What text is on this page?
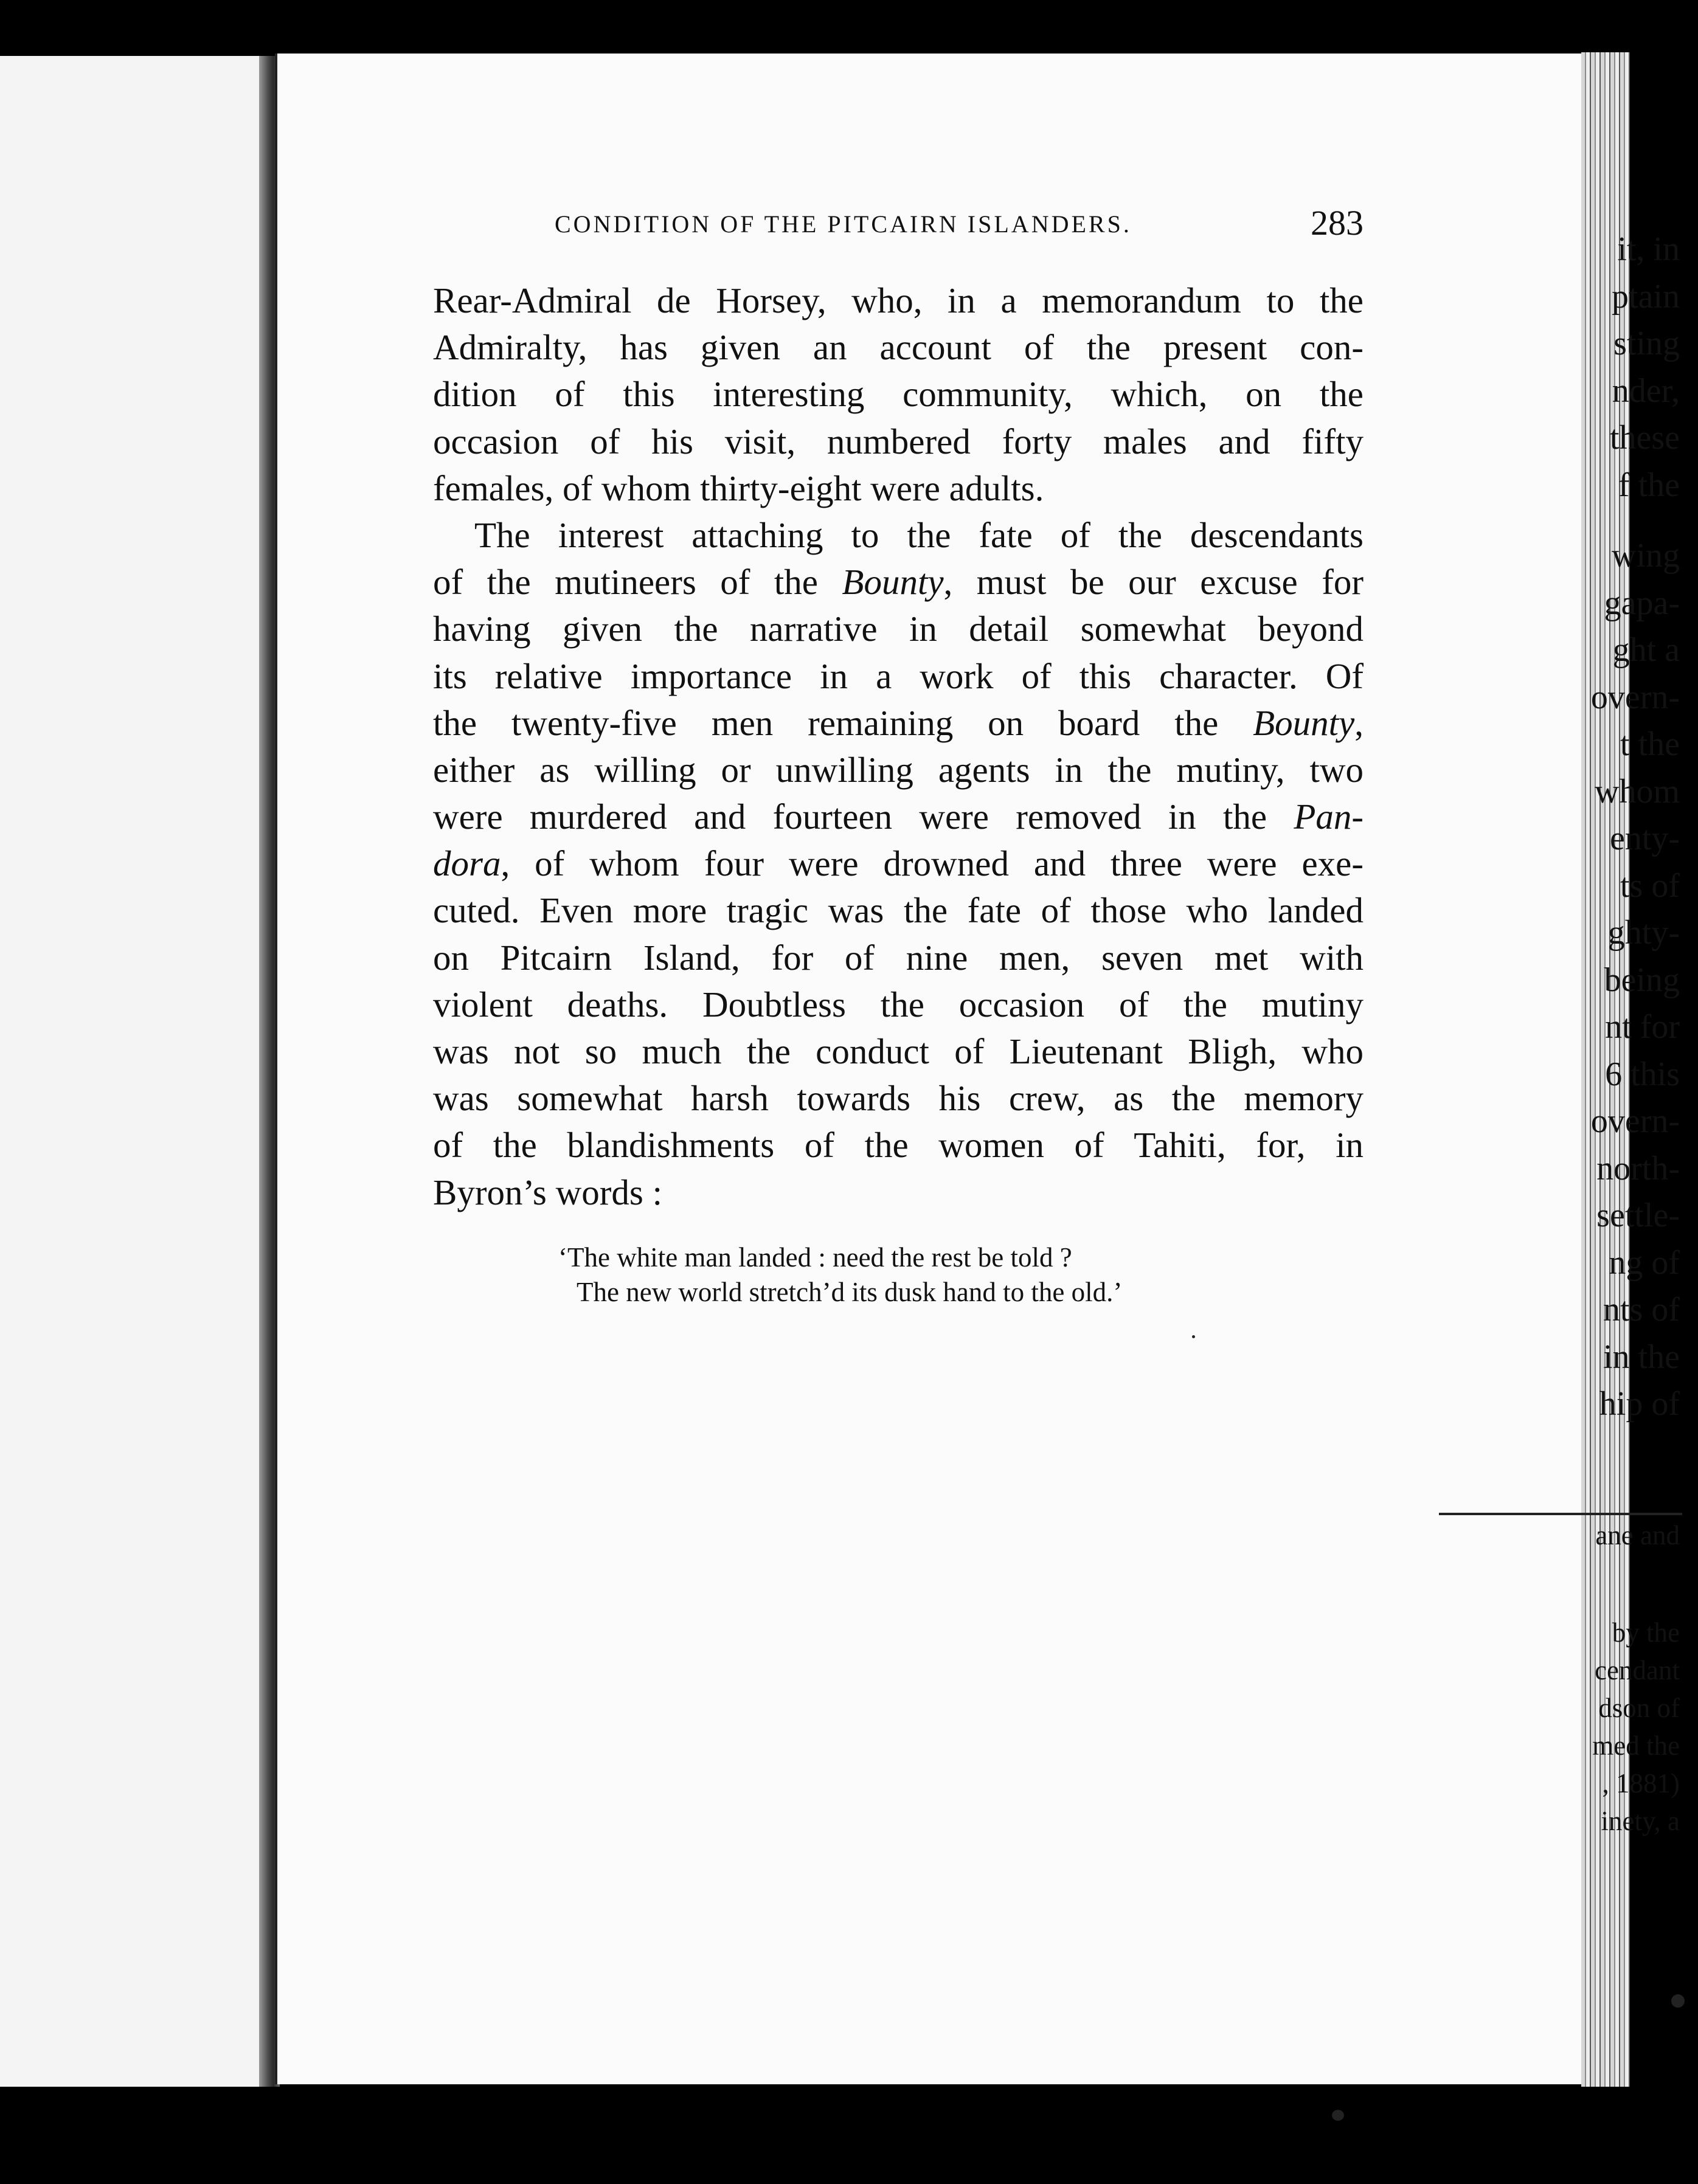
it, in
ptain
sting
nder,
these
f the
wing
gapa-
ght a
overn-
t the
whom
enty-
ts of
ghty-
being
nt for
6 this
overn-
north-
settle-
ng of
nts of
in the
hip of
ane and
by the
cendant
dson of
med the
, 1881)
inety, a
CONDITION OF THE PITCAIRN ISLANDERS.	283
Rear-Admiral de Horsey, who, in a memorandum to the
Admiralty, has given an account of the present con-
dition of this interesting community, which, on the
occasion of his visit, numbered forty males and fifty
females, of whom thirty-eight were adults.
The interest attaching to the fate of the descendants
of the mutineers of the Bounty, must be our excuse for
having given the narrative in detail somewhat beyond
its relative importance in a work of this character. Of
the twenty-five men remaining on board the Bounty,
either as willing or unwilling agents in the mutiny, two
were murdered and fourteen were removed in the Pan-
dora, of whom four were drowned and three were exe-
cuted. Even more tragic was the fate of those who landed
on Pitcairn Island, for of nine men, seven met with
violent deaths. Doubtless the occasion of the mutiny
was not so much the conduct of Lieutenant Bligh, who
was somewhat harsh towards his crew, as the memory
of the blandishments of the women of Tahiti, for, in
Byron’s words :
‘The white man landed : need the rest be told ?
The new world stretch’d its dusk hand to the old.’
